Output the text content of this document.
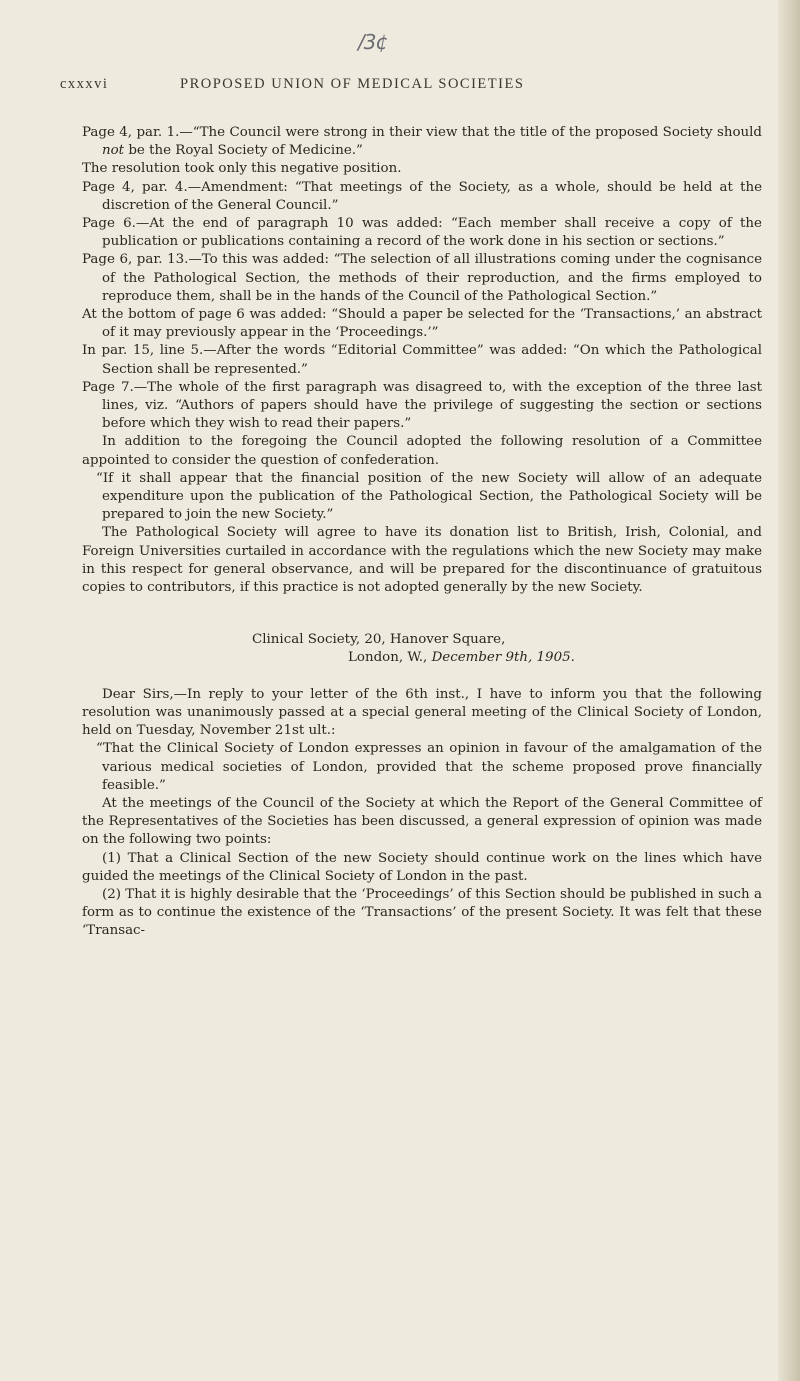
/3¢
cxxxvi	PROPOSED UNION OF MEDICAL SOCIETIES

Page 4, par. 1.—“The Council were strong in their view that the title of the proposed Society should not be the Royal Society of Medicine.”

The resolution took only this negative position.

Page 4, par. 4.—Amendment: “That meetings of the Society, as a whole, should be held at the discretion of the General Council.”

Page 6.—At the end of paragraph 10 was added: “Each member shall receive a copy of the publication or publications containing a record of the work done in his section or sections.”

Page 6, par. 13.—To this was added: “The selection of all illustrations coming under the cognisance of the Pathological Section, the methods of their reproduction, and the firms employed to reproduce them, shall be in the hands of the Council of the Pathological Section.”

At the bottom of page 6 was added: “Should a paper be selected for the ‘Transactions,’ an abstract of it may previously appear in the ‘Proceedings.’”

In par. 15, line 5.—After the words “Editorial Committee” was added: “On which the Pathological Section shall be represented.”

Page 7.—The whole of the first paragraph was disagreed to, with the exception of the three last lines, viz. “Authors of papers should have the privilege of suggesting the section or sections before which they wish to read their papers.”

In addition to the foregoing the Council adopted the following resolution of a Committee appointed to consider the question of confederation.

“If it shall appear that the financial position of the new Society will allow of an adequate expenditure upon the publication of the Pathological Section, the Pathological Society will be prepared to join the new Society.”

The Pathological Society will agree to have its donation list to British, Irish, Colonial, and Foreign Universities curtailed in accordance with the regulations which the new Society may make in this respect for general observance, and will be prepared for the discontinuance of gratuitous copies to contributors, if this practice is not adopted generally by the new Society.

Clinical Society, 20, Hanover Square,

London, W., December 9th, 1905.

Dear Sirs,—In reply to your letter of the 6th inst., I have to inform you that the following resolution was unanimously passed at a special general meeting of the Clinical Society of London, held on Tuesday, November 21st ult.:

“That the Clinical Society of London expresses an opinion in favour of the amalgamation of the various medical societies of London, provided that the scheme proposed prove financially feasible.”

At the meetings of the Council of the Society at which the Report of the General Committee of the Representatives of the Societies has been discussed, a general expression of opinion was made on the following two points:

(1) That a Clinical Section of the new Society should continue work on the lines which have guided the meetings of the Clinical Society of London in the past.

(2) That it is highly desirable that the ‘Proceedings’ of this Section should be published in such a form as to continue the existence of the ‘Transactions’ of the present Society. It was felt that these ‘Transac-
